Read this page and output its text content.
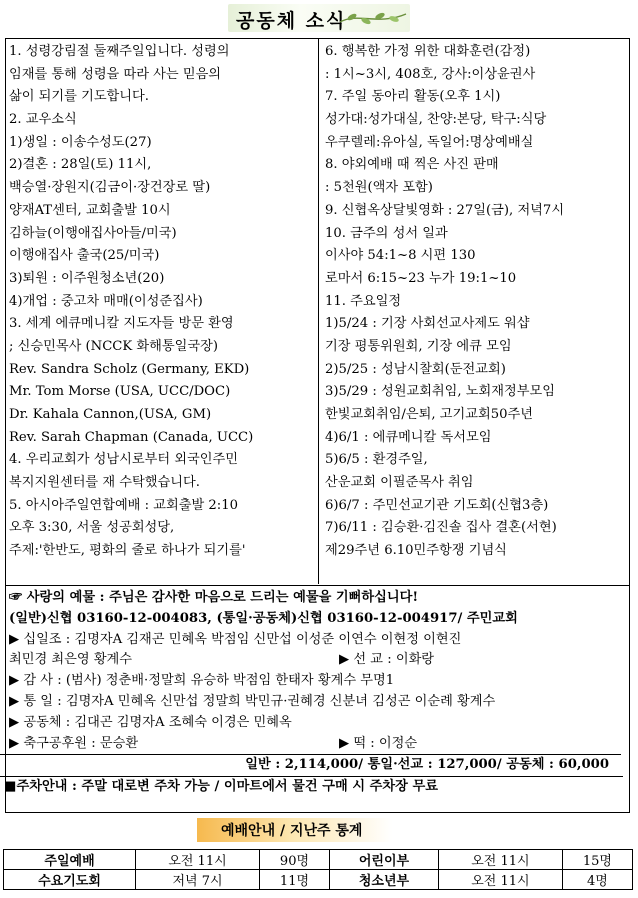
공동체 소식
1. 성령강림절 둘째주일입니다. 성령의
임재를 통해 성령을 따라 사는 믿음의
삶이 되기를 기도합니다.
2. 교우소식
1)생일 : 이송수성도(27)
2)결혼 : 28일(토) 11시,
백승열·장원지(김금이·장건장로 딸)
양재AT센터, 교회출발 10시
김하늘(이행애집사아들/미국)
이행애집사 출국(25/미국)
3)퇴원 : 이주원청소년(20)
4)개업 : 중고차 매매(이성준집사)
3. 세계 에큐메니칼 지도자들 방문 환영
; 신승민목사 (NCCK 화해통일국장)
Rev. Sandra Scholz (Germany, EKD)
Mr. Tom Morse (USA, UCC/DOC)
Dr. Kahala Cannon,(USA, GM)
Rev. Sarah Chapman (Canada, UCC)
4. 우리교회가 성남시로부터 외국인주민
복지지원센터를 재 수탁했습니다.
5. 아시아주일연합예배 : 교회출발 2:10
오후 3:30, 서울 성공회성당,
주제:'한반도, 평화의 줄로 하나가 되기를'
6. 행복한 가정 위한 대화훈련(감정)
: 1시~3시, 408호, 강사:이상윤권사
7. 주일 동아리 활동(오후 1시)
성가대:성가대실, 찬양:본당, 탁구:식당
우쿠렐레:유아실, 독일어:명상예배실
8. 야외예배 때 찍은 사진 판매
: 5천원(액자 포함)
9. 신협옥상달빛영화 : 27일(금), 저녁7시
10. 금주의 성서 일과
이사야 54:1~8 시편 130
로마서 6:15~23 누가 19:1~10
11. 주요일정
1)5/24 : 기장 사회선교사제도 워샵
기장 평통위원회, 기장 에큐 모임
2)5/25 : 성남시찰회(둔전교회)
3)5/29 : 성원교회취임, 노회재정부모임
한빛교회취임/은퇴, 고기교회50주년
4)6/1 : 에큐메니칼 독서모임
5)6/5 : 환경주일,
산운교회 이필준목사 취임
6)6/7 : 주민선교기관 기도회(신협3층)
7)6/11 : 김승환·김진솔 집사 결혼(서현)
제29주년 6.10민주항쟁 기념식
☞ 사랑의 예물 : 주님은 감사한 마음으로 드리는 예물을 기뻐하십니다!
(일반)신협 03160-12-004083, (통일·공동체)신협 03160-12-004917/ 주민교회
▶ 십일조 : 김명자A 김재곤 민혜옥 박점임 신만섭 이성준 이연수 이현정 이현진
최민경 최은영 황계수	▶ 선 교 : 이화랑
▶ 감 사 : (범사) 정춘배·정말희 유승하 박점임 한태자 황계수 무명1
▶ 통 일 : 김명자A 민혜옥 신만섭 정말희 박민규·권혜경 신분녀 김성곤 이순례 황계수
▶ 공동체 : 김대곤 김명자A 조혜숙 이경은 민혜옥
▶ 축구공후원 : 문승환	▶ 떡 : 이정순
일반 : 2,114,000/ 통일·선교 : 127,000/ 공동체 : 60,000
■주차안내 : 주말 대로변 주차 가능 / 이마트에서 물건 구매 시 주차장 무료
예배안내 / 지난주 통계
주일예배	오전 11시	90명	어린이부	오전 11시	15명
수요기도회	저녁 7시	11명	청소년부	오전 11시	4명
